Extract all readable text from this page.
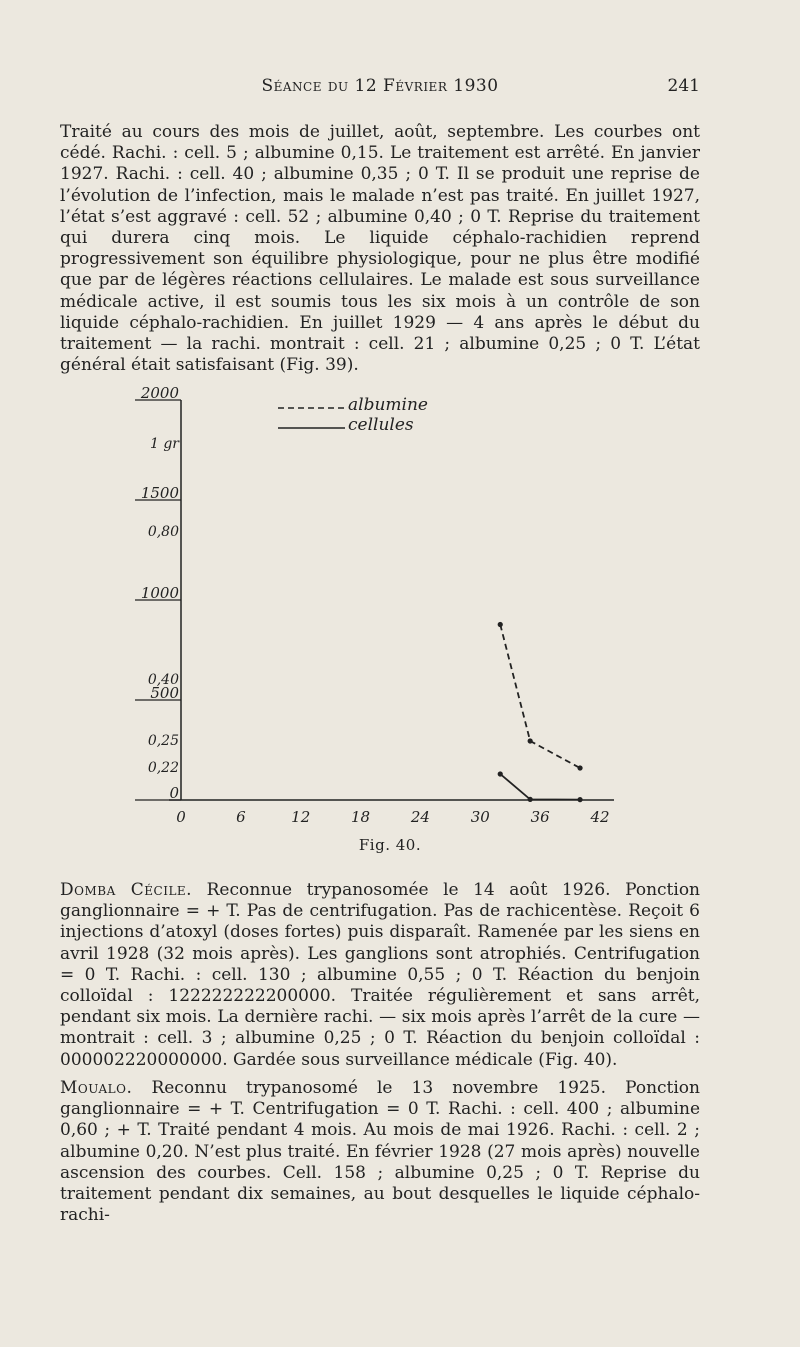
Séance du 12 Février 1930	241

Traité au cours des mois de juillet, août, septembre. Les courbes ont cédé. Rachi. : cell. 5 ; albumine 0,15. Le traitement est arrêté. En janvier 1927. Rachi. : cell. 40 ; albumine 0,35 ; 0 T. Il se produit une reprise de l’évolution de l’infection, mais le malade n’est pas traité. En juillet 1927, l’état s’est aggravé : cell. 52 ; albumine 0,40 ; 0 T. Reprise du traitement qui durera cinq mois. Le liquide céphalo-rachidien reprend progressivement son équilibre physiologique, pour ne plus être modifié que par de légères réactions cellulaires. Le malade est sous surveillance médicale active, il est soumis tous les six mois à un contrôle de son liquide céphalo-rachidien. En juillet 1929 — 4 ans après le début du traitement — la rachi. montrait : cell. 21 ; albumine 0,25 ; 0 T. L’état général était satisfaisant (Fig. 39).

2000
1500
1000
500
0
1 gr
0,80
0,40
0,25
0,22
0	6	12	18	24	30	36	42
albumine
cellules
Fig. 40.

Domba Cécile. Reconnue trypanosomée le 14 août 1926. Ponction ganglionnaire = + T. Pas de centrifugation. Pas de rachicentèse. Reçoit 6 injections d’atoxyl (doses fortes) puis disparaît. Ramenée par les siens en avril 1928 (32 mois après). Les ganglions sont atrophiés. Centrifugation = 0 T. Rachi. : cell. 130 ; albumine 0,55 ; 0 T. Réaction du benjoin colloïdal : 122222222200000. Traitée régulièrement et sans arrêt, pendant six mois. La dernière rachi. — six mois après l’arrêt de la cure — montrait : cell. 3 ; albumine 0,25 ; 0 T. Réaction du benjoin colloïdal : 000002220000000. Gardée sous surveillance médicale (Fig. 40).

Moualo. Reconnu trypanosomé le 13 novembre 1925. Ponction ganglionnaire = + T. Centrifugation = 0 T. Rachi. : cell. 400 ; albumine 0,60 ; + T. Traité pendant 4 mois. Au mois de mai 1926. Rachi. : cell. 2 ; albumine 0,20. N’est plus traité. En février 1928 (27 mois après) nouvelle ascension des courbes. Cell. 158 ; albumine 0,25 ; 0 T. Reprise du traitement pendant dix semaines, au bout desquelles le liquide céphalo-rachi-
